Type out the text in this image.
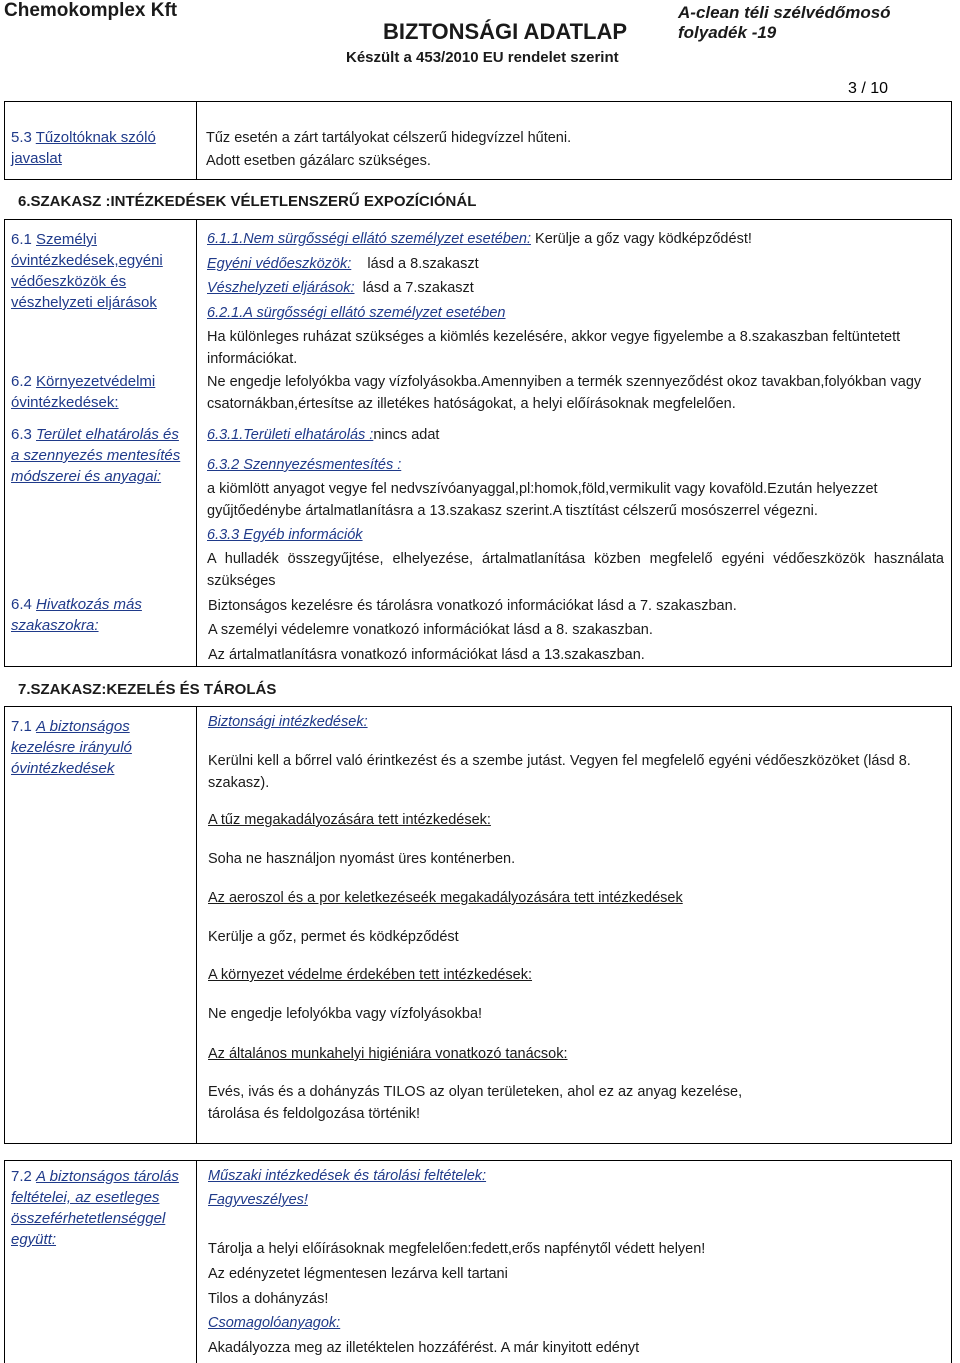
Chemokomplex Kft
BIZTONSÁGI ADATLAP
Készült a 453/2010 EU rendelet szerint
A-clean téli szélvédőmosó folyadék -19
3 / 10
5.3 Tűzoltóknak szóló javaslat
Tűz esetén a zárt tartályokat célszerű hidegvízzel hűteni.
Adott esetben gázálarc szükséges.
6.SZAKASZ :INTÉZKEDÉSEK VÉLETLENSZERŰ EXPOZÍCIÓNÁL
6.1 Személyi óvintézkedések,egyéni védőeszközök és vészhelyzeti eljárások
6.2 Környezetvédelmi óvintézkedések:
6.3 Terület elhatárolás és a szennyezés mentesítés módszerei és anyagai:
6.4 Hivatkozás más szakaszokra:
6.1.1.Nem sürgősségi ellátó személyzet esetében: Kerülje a gőz vagy ködképződést!
Egyéni védőeszközök: lásd a 8.szakaszt
Vészhelyzeti eljárások: lásd a 7.szakaszt
6.2.1.A sürgősségi ellátó személyzet esetében
Ha különleges ruházat szükséges a kiömlés kezelésére, akkor vegye figyelembe a 8.szakaszban feltüntetett információkat.
Ne engedje lefolyókba vagy vízfolyásokba.Amennyiben a termék szennyeződést okoz tavakban,folyókban vagy csatornákban,értesítse az illetékes hatóságokat, a helyi előírásoknak megfelelően.
6.3.1.Területi elhatárolás :nincs adat
6.3.2 Szennyezésmentesítés :
a kiömlött anyagot vegye fel nedvszívóanyaggal,pl:homok,föld,vermikulit vagy kovaföld.Ezután helyezzet gyűjtőedénybe ártalmatlanításra a 13.szakasz szerint.A tisztítást célszerű mosószerrel végezni.
6.3.3 Egyéb információk
A hulladék összegyűjtése, elhelyezése, ártalmatlanítása közben megfelelő egyéni védőeszközök használata szükséges
Biztonságos kezelésre és tárolásra vonatkozó információkat lásd a 7. szakaszban.
A személyi védelemre vonatkozó információkat lásd a 8. szakaszban.
Az ártalmatlanításra vonatkozó információkat lásd a 13.szakaszban.
7.SZAKASZ:KEZELÉS ÉS TÁROLÁS
7.1 A biztonságos kezelésre irányuló óvintézkedések
Biztonsági intézkedések:
Kerülni kell a bőrrel való érintkezést és a szembe jutást. Vegyen fel megfelelő egyéni védőeszközöket (lásd 8. szakasz).
A tűz megakadályozására tett intézkedések:
Soha ne használjon nyomást üres konténerben.
Az aeroszol és a por keletkezéseék megakadályozására tett intézkedések
Kerülje a gőz, permet és ködképződést
A környezet védelme érdekében tett intézkedések:
Ne engedje lefolyókba vagy vízfolyásokba!
Az általános munkahelyi higiéniára vonatkozó tanácsok:
Evés, ivás és a dohányzás TILOS az olyan területeken, ahol ez az anyag kezelése, tárolása és feldolgozása történik!
7.2 A biztonságos tárolás feltételei, az esetleges összeférhetetlenséggel együtt:
Műszaki intézkedések és tárolási feltételek:
Fagyveszélyes!
Tárolja a helyi előírásoknak megfelelően:fedett,erős napfénytől védett helyen!
Az edényzetet légmentesen lezárva kell tartani
Tilos a dohányzás!
Csomagolóanyagok:
Akadályozza meg az illetéktelen hozzáférést. A már kinyitott edényt
